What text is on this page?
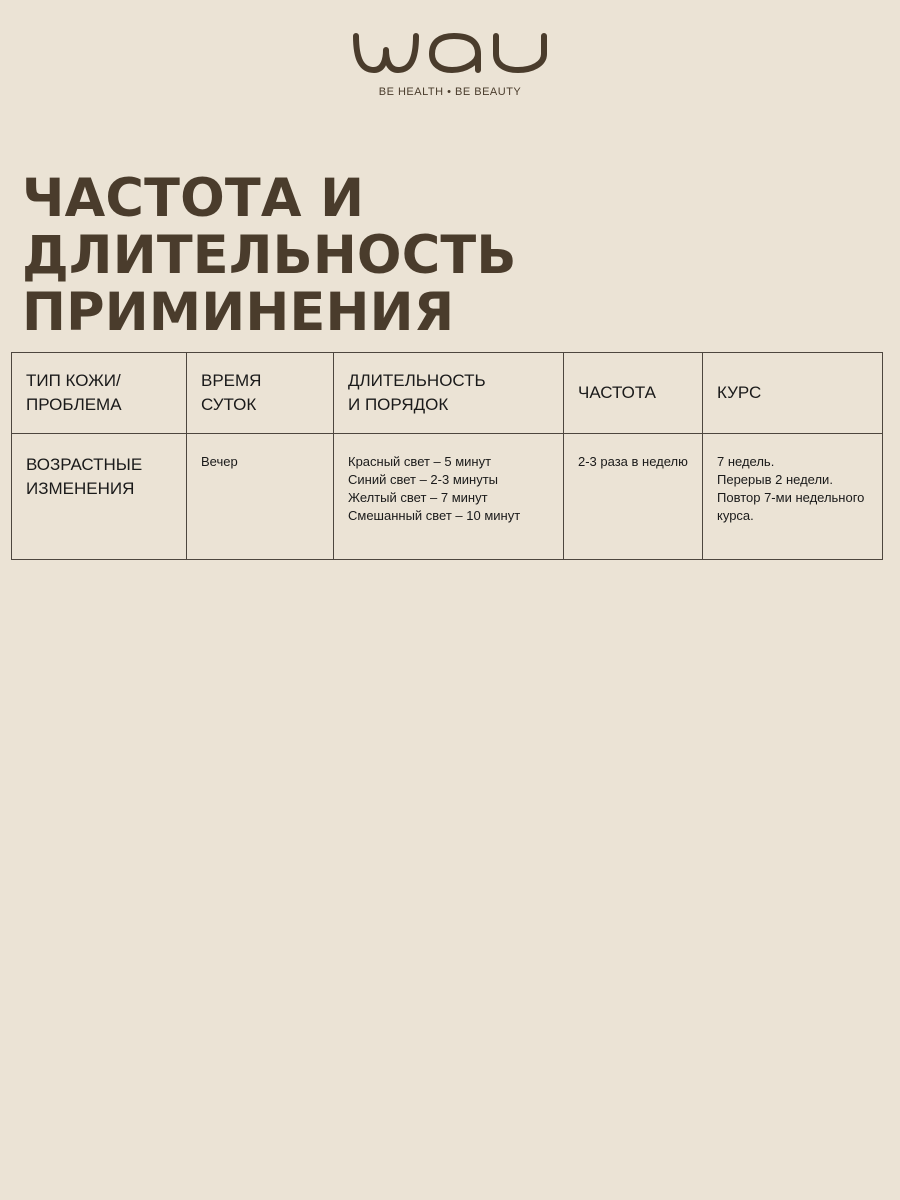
BE HEALTH • BE BEAUTY
ЧАСТОТА И ДЛИТЕЛЬНОСТЬ
ПРИМИНЕНИЯ
ТИП КОЖИ/
ПРОБЛЕМА	ВРЕМЯ
СУТОК	ДЛИТЕЛЬНОСТЬ
И ПОРЯДОК	ЧАСТОТА	КУРС
ВОЗРАСТНЫЕ
ИЗМЕНЕНИЯ	Вечер	Красный свет – 5 минут
Синий свет – 2-3 минуты
Желтый свет – 7 минут
Смешанный свет – 10 минут	2-3 раза в неделю	7 недель.
Перерыв 2 недели.
Повтор 7-ми недельного курса.
